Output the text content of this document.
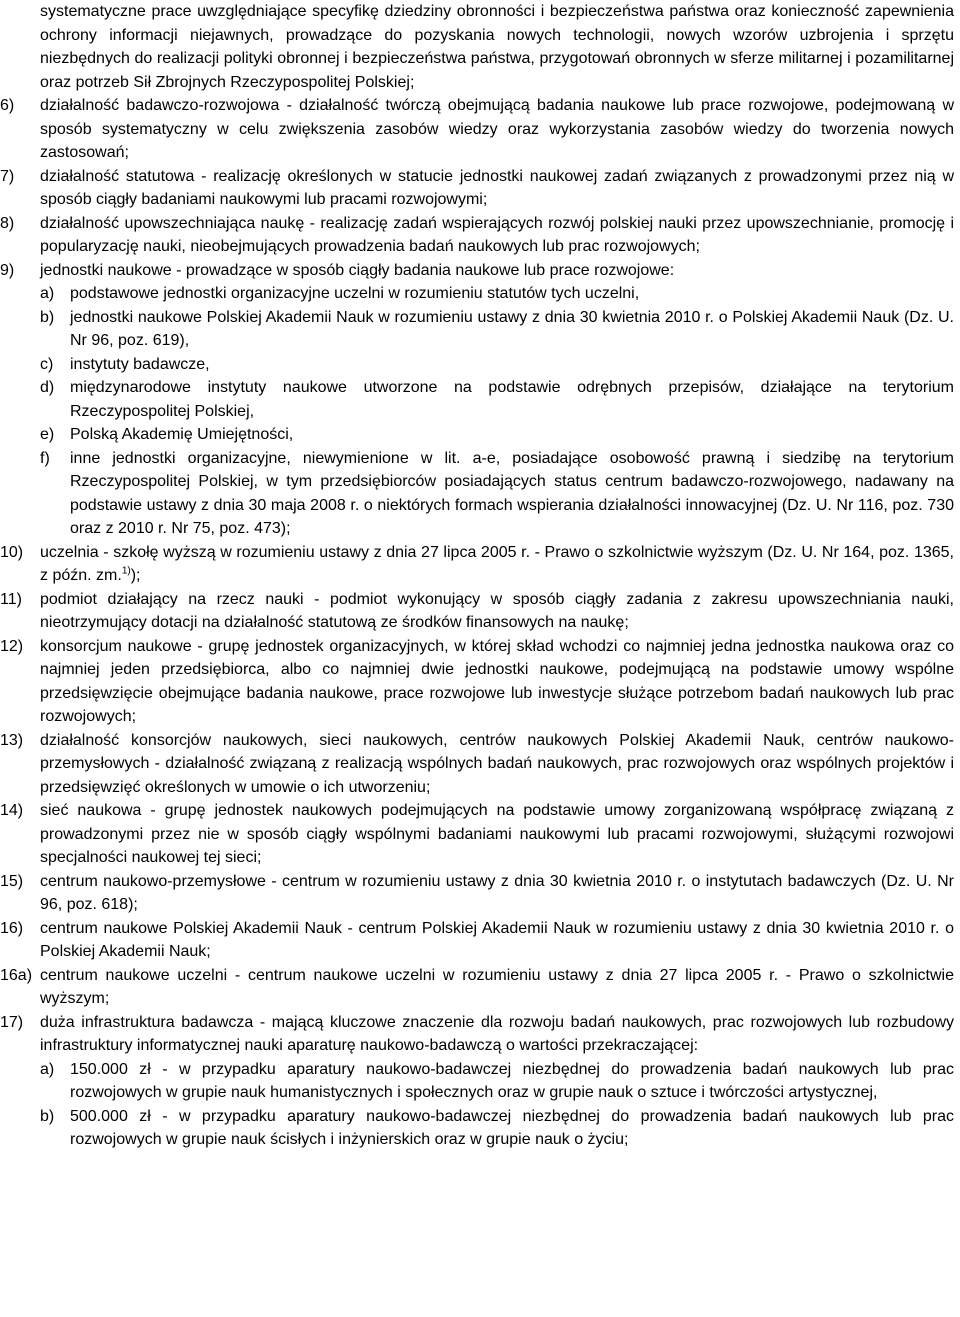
systematyczne prace uwzględniające specyfikę dziedziny obronności i bezpieczeństwa państwa oraz konieczność zapewnienia ochrony informacji niejawnych, prowadzące do pozyskania nowych technologii, nowych wzorów uzbrojenia i sprzętu niezbędnych do realizacji polityki obronnej i bezpieczeństwa państwa, przygotowań obronnych w sferze militarnej i pozamilitarnej oraz potrzeb Sił Zbrojnych Rzeczypospolitej Polskiej;

6) działalność badawczo-rozwojowa - działalność twórczą obejmującą badania naukowe lub prace rozwojowe, podejmowaną w sposób systematyczny w celu zwiększenia zasobów wiedzy oraz wykorzystania zasobów wiedzy do tworzenia nowych zastosowań;
7) działalność statutowa - realizację określonych w statucie jednostki naukowej zadań związanych z prowadzonymi przez nią w sposób ciągły badaniami naukowymi lub pracami rozwojowymi;
8) działalność upowszechniająca naukę - realizację zadań wspierających rozwój polskiej nauki przez upowszechnianie, promocję i popularyzację nauki, nieobejmujących prowadzenia badań naukowych lub prac rozwojowych;
9) jednostki naukowe - prowadzące w sposób ciągły badania naukowe lub prace rozwojowe:
a) podstawowe jednostki organizacyjne uczelni w rozumieniu statutów tych uczelni,
b) jednostki naukowe Polskiej Akademii Nauk w rozumieniu ustawy z dnia 30 kwietnia 2010 r. o Polskiej Akademii Nauk (Dz. U. Nr 96, poz. 619),
c) instytuty badawcze,
d) międzynarodowe instytuty naukowe utworzone na podstawie odrębnych przepisów, działające na terytorium Rzeczypospolitej Polskiej,
e) Polską Akademię Umiejętności,
f) inne jednostki organizacyjne, niewymienione w lit. a-e, posiadające osobowość prawną i siedzibę na terytorium Rzeczypospolitej Polskiej, w tym przedsiębiorców posiadających status centrum badawczo-rozwojowego, nadawany na podstawie ustawy z dnia 30 maja 2008 r. o niektórych formach wspierania działalności innowacyjnej (Dz. U. Nr 116, poz. 730 oraz z 2010 r. Nr 75, poz. 473);
10) uczelnia - szkołę wyższą w rozumieniu ustawy z dnia 27 lipca 2005 r. - Prawo o szkolnictwie wyższym (Dz. U. Nr 164, poz. 1365, z późn. zm.$^{1)}$);
11) podmiot działający na rzecz nauki - podmiot wykonujący w sposób ciągły zadania z zakresu upowszechniania nauki, nieotrzymujący dotacji na działalność statutową ze środków finansowych na naukę;
12) konsorcjum naukowe - grupę jednostek organizacyjnych, w której skład wchodzi co najmniej jedna jednostka naukowa oraz co najmniej jeden przedsiębiorca, albo co najmniej dwie jednostki naukowe, podejmującą na podstawie umowy wspólne przedsięwzięcie obejmujące badania naukowe, prace rozwojowe lub inwestycje służące potrzebom badań naukowych lub prac rozwojowych;
13) działalność konsorcjów naukowych, sieci naukowych, centrów naukowych Polskiej Akademii Nauk, centrów naukowo-przemysłowych - działalność związaną z realizacją wspólnych badań naukowych, prac rozwojowych oraz wspólnych projektów i przedsięwzięć określonych w umowie o ich utworzeniu;
14) sieć naukowa - grupę jednostek naukowych podejmujących na podstawie umowy zorganizowaną współpracę związaną z prowadzonymi przez nie w sposób ciągły wspólnymi badaniami naukowymi lub pracami rozwojowymi, służącymi rozwojowi specjalności naukowej tej sieci;
15) centrum naukowo-przemysłowe - centrum w rozumieniu ustawy z dnia 30 kwietnia 2010 r. o instytutach badawczych (Dz. U. Nr 96, poz. 618);
16) centrum naukowe Polskiej Akademii Nauk - centrum Polskiej Akademii Nauk w rozumieniu ustawy z dnia 30 kwietnia 2010 r. o Polskiej Akademii Nauk;
16a) centrum naukowe uczelni - centrum naukowe uczelni w rozumieniu ustawy z dnia 27 lipca 2005 r. - Prawo o szkolnictwie wyższym;
17) duża infrastruktura badawcza - mającą kluczowe znaczenie dla rozwoju badań naukowych, prac rozwojowych lub rozbudowy infrastruktury informatycznej nauki aparaturę naukowo-badawczą o wartości przekraczającej:
a) 150.000 zł - w przypadku aparatury naukowo-badawczej niezbędnej do prowadzenia badań naukowych lub prac rozwojowych w grupie nauk humanistycznych i społecznych oraz w grupie nauk o sztuce i twórczości artystycznej,
b) 500.000 zł - w przypadku aparatury naukowo-badawczej niezbędnej do prowadzenia badań naukowych lub prac rozwojowych w grupie nauk ścisłych i inżynierskich oraz w grupie nauk o życiu;
